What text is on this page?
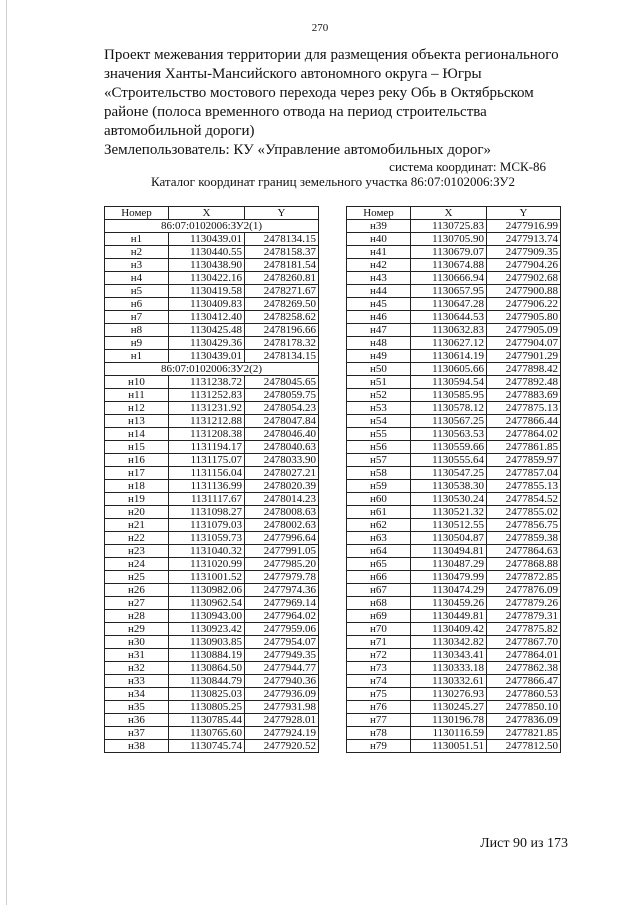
270
Проект межевания территории для размещения объекта регионального
значения Ханты-Мансийского автономного округа – Югры
«Строительство мостового перехода через реку Обь в Октябрьском
районе (полоса временного отвода на период строительства
автомобильной дороги)
Землепользователь: КУ «Управление автомобильных дорог»
система координат: МСК-86
Каталог координат границ земельного участка 86:07:0102006:ЗУ2
Номер	X	Y
86:07:0102006:ЗУ2(1)		
н1	1130439.01	2478134.15
н2	1130440.55	2478158.37
н3	1130438.90	2478181.54
н4	1130422.16	2478260.81
н5	1130419.58	2478271.67
н6	1130409.83	2478269.50
н7	1130412.40	2478258.62
н8	1130425.48	2478196.66
н9	1130429.36	2478178.32
н1	1130439.01	2478134.15
86:07:0102006:ЗУ2(2)		
н10	1131238.72	2478045.65
н11	1131252.83	2478059.75
н12	1131231.92	2478054.23
н13	1131212.88	2478047.84
н14	1131208.38	2478046.40
н15	1131194.17	2478040.63
н16	1131175.07	2478033.90
н17	1131156.04	2478027.21
н18	1131136.99	2478020.39
н19	1131117.67	2478014.23
н20	1131098.27	2478008.63
н21	1131079.03	2478002.63
н22	1131059.73	2477996.64
н23	1131040.32	2477991.05
н24	1131020.99	2477985.20
н25	1131001.52	2477979.78
н26	1130982.06	2477974.36
н27	1130962.54	2477969.14
н28	1130943.00	2477964.02
н29	1130923.42	2477959.06
н30	1130903.85	2477954.07
н31	1130884.19	2477949.35
н32	1130864.50	2477944.77
н33	1130844.79	2477940.36
н34	1130825.03	2477936.09
н35	1130805.25	2477931.98
н36	1130785.44	2477928.01
н37	1130765.60	2477924.19
н38	1130745.74	2477920.52
Номер	X	Y
н39	1130725.83	2477916.99
н40	1130705.90	2477913.74
н41	1130679.07	2477909.35
н42	1130674.88	2477904.26
н43	1130666.94	2477902.68
н44	1130657.95	2477900.88
н45	1130647.28	2477906.22
н46	1130644.53	2477905.80
н47	1130632.83	2477905.09
н48	1130627.12	2477904.07
н49	1130614.19	2477901.29
н50	1130605.66	2477898.42
н51	1130594.54	2477892.48
н52	1130585.95	2477883.69
н53	1130578.12	2477875.13
н54	1130567.25	2477866.44
н55	1130563.53	2477864.02
н56	1130559.66	2477861.85
н57	1130555.64	2477859.97
н58	1130547.25	2477857.04
н59	1130538.30	2477855.13
н60	1130530.24	2477854.52
н61	1130521.32	2477855.02
н62	1130512.55	2477856.75
н63	1130504.87	2477859.38
н64	1130494.81	2477864.63
н65	1130487.29	2477868.88
н66	1130479.99	2477872.85
н67	1130474.29	2477876.09
н68	1130459.26	2477879.26
н69	1130449.81	2477879.31
н70	1130409.42	2477875.82
н71	1130342.82	2477867.70
н72	1130343.41	2477864.01
н73	1130333.18	2477862.38
н74	1130332.61	2477866.47
н75	1130276.93	2477860.53
н76	1130245.27	2477850.10
н77	1130196.78	2477836.09
н78	1130116.59	2477821.85
н79	1130051.51	2477812.50
Лист 90 из 173
